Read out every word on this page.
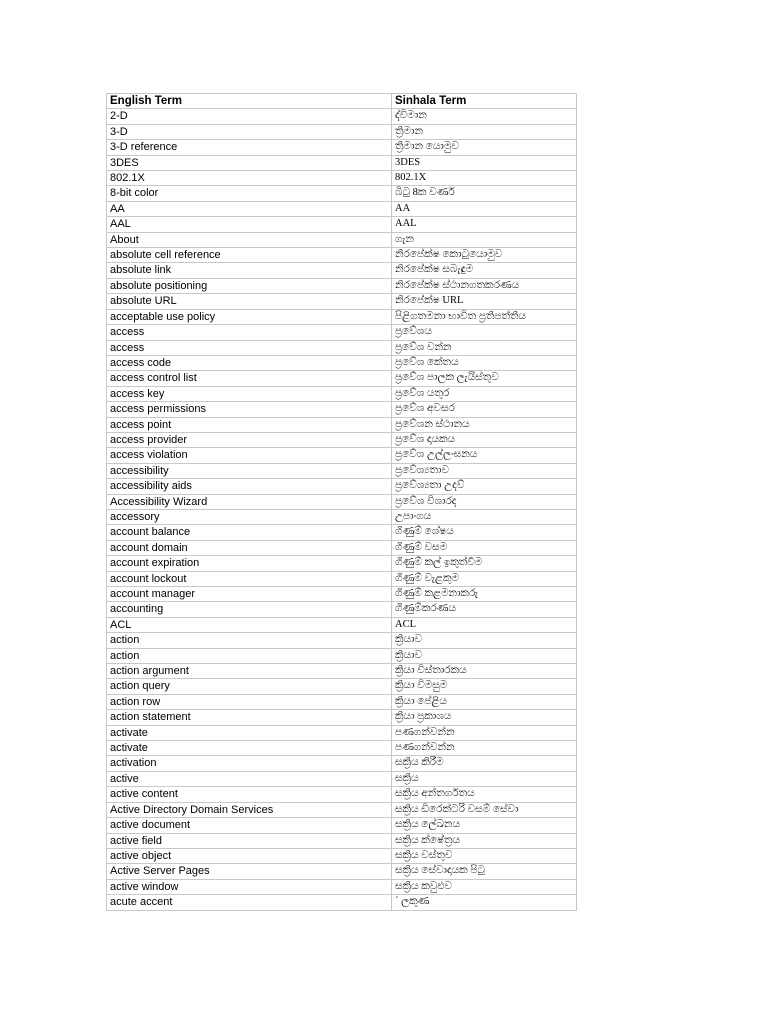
English Term	Sinhala Term
2-D	ද්විමාන
3-D	ත්‍රිමාන
3-D reference	ත්‍රිමාන යොමුව
3DES	3DES
802.1X	802.1X
8-bit color	බිටු 8ක වර්ණ
AA	AA
AAL	AAL
About	ගැන
absolute cell reference	නිරපේක්ෂ කොටුයොමුව
absolute link	නිරපේක්ෂ සබැඳුම
absolute positioning	නිරපේක්ෂ ස්ථානගතකරණය
absolute URL	නිරපේක්ෂ URL
acceptable use policy	පිළිගතමනා භාවිත ප්‍රතිපත්තිය
access	ප්‍රවේශය
access	ප්‍රවේශ වන්න
access code	ප්‍රවේශ කේතය
access control list	ප්‍රවේශ පාලක ලැයිස්තුව
access key	ප්‍රවේශ යතුර
access permissions	ප්‍රවේශ අවසර
access point	ප්‍රවේශන ස්ථානය
access provider	ප්‍රවේශ දායකය
access violation	ප්‍රවේශ උල්ලංඝනය
accessibility	ප්‍රවේශ්‍යතාව
accessibility aids	ප්‍රවේශ්‍යතා උදව්
Accessibility Wizard	ප්‍රවේශ විශාරද
accessory	උපාංගය
account balance	ගිණුම් ශේෂය
account domain	ගිණුම් වසම
account expiration	ගිණුම් කල් ඉකුත්වීම
account lockout	ගිණුම් වැළකුම
account manager	ගිණුම් කළමනාකරු
accounting	ගිණුම්කරණය
ACL	ACL
action	ක්‍රියාව
action	ක්‍රියාව
action argument	ක්‍රියා විස්තාරකය
action query	ක්‍රියා විමසුම
action row	ක්‍රියා පේළිය
action statement	ක්‍රියා ප්‍රකාශය
activate	පණගන්වන්න
activate	පණගන්වන්න
activation	සක්‍රිය කිරීම
active	සක්‍රිය
active content	සක්‍රිය අන්තර්ගතය
Active Directory Domain Services	සක්‍රිය ඩිරෙක්ටරි වසම් සේවා
active document	සක්‍රිය ලේඛනය
active field	සක්‍රිය ක්ෂේත්‍රය
active object	සක්‍රිය වස්තුව
Active Server Pages	සක්‍රිය සේවාදායක පිටු
active window	සක්‍රිය කවුළුව
acute accent	´ ලකුණ
